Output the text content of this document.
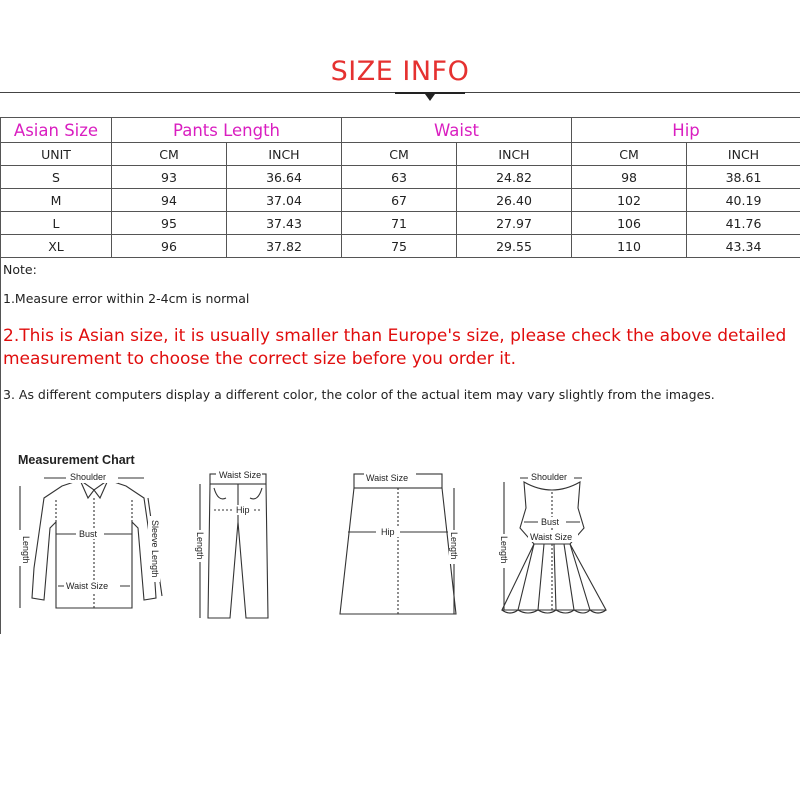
SIZE INFO
Asian Size	Pants Length		Waist		Hip	
UNIT	CM	INCH	CM	INCH	CM	INCH
S	93	36.64	63	24.82	98	38.61
M	94	37.04	67	26.40	102	40.19
L	95	37.43	71	27.97	106	41.76
XL	96	37.82	75	29.55	110	43.34
Note:
1.Measure error within 2-4cm is normal
2.This is Asian size, it is usually smaller than Europe's size, please check the above detailed measurement to choose the correct size before you order it.
3. As different computers display a different color, the color of the actual item may vary slightly from the images.
Measurement Chart
Shoulder
Bust
Waist Size
Length	Sleeve Length
Waist Size
Hip
Length
Waist Size
Hip	Length
Shoulder
Bust
Waist Size
Length
